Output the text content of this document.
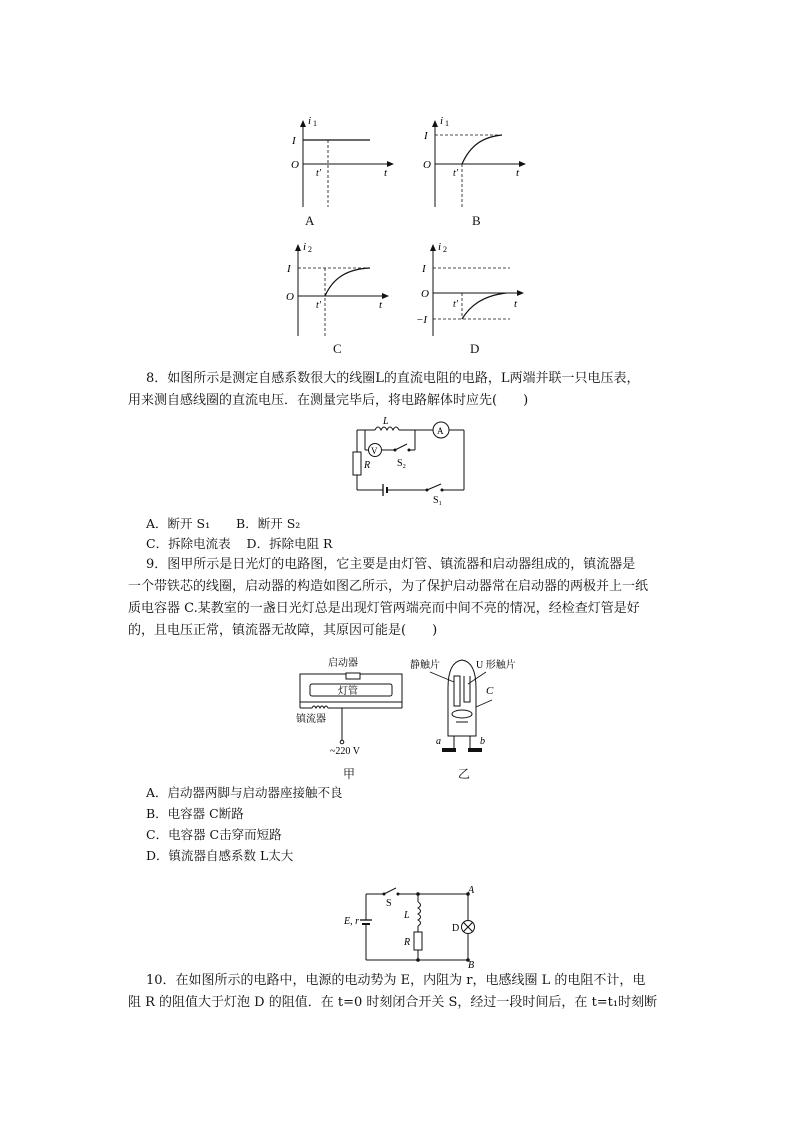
i 1
I
O
t′	t
A
i 1
I
O
t′	t
B
i 2
I
O
t′	t
C
i 2
I
O
−I
t′	t
D
8．如图所示是测定自感系数很大的线圈L的直流电阻的电路，L两端并联一只电压表，
用来测自感线圈的直流电压．在测量完毕后，将电路解体时应先(　　)
L
V
A
R	S₂
S₁
A．断开 S₁ B．断开 S₂
C．拆除电流表 D．拆除电阻 R
9．图甲所示是日光灯的电路图，它主要是由灯管、镇流器和启动器组成的，镇流器是
一个带铁芯的线圈，启动器的构造如图乙所示，为了保护启动器常在启动器的两极并上一纸
质电容器 C.某教室的一盏日光灯总是出现灯管两端亮而中间不亮的情况，经检查灯管是好
的，且电压正常，镇流器无故障，其原因可能是(　　)
启动器
灯管
镇流器
~220 V
甲
静触片	U 形触片
C
a	b
乙
A．启动器两脚与启动器座接触不良
B．电容器 C断路
C．电容器 C击穿而短路
D．镇流器自感系数 L太大
E, r
S
L
R
D
A
B
10．在如图所示的电路中，电源的电动势为 E，内阻为 r，电感线圈 L 的电阻不计，电
阻 R 的阻值大于灯泡 D 的阻值．在 t=0 时刻闭合开关 S，经过一段时间后，在 t=t₁时刻断
